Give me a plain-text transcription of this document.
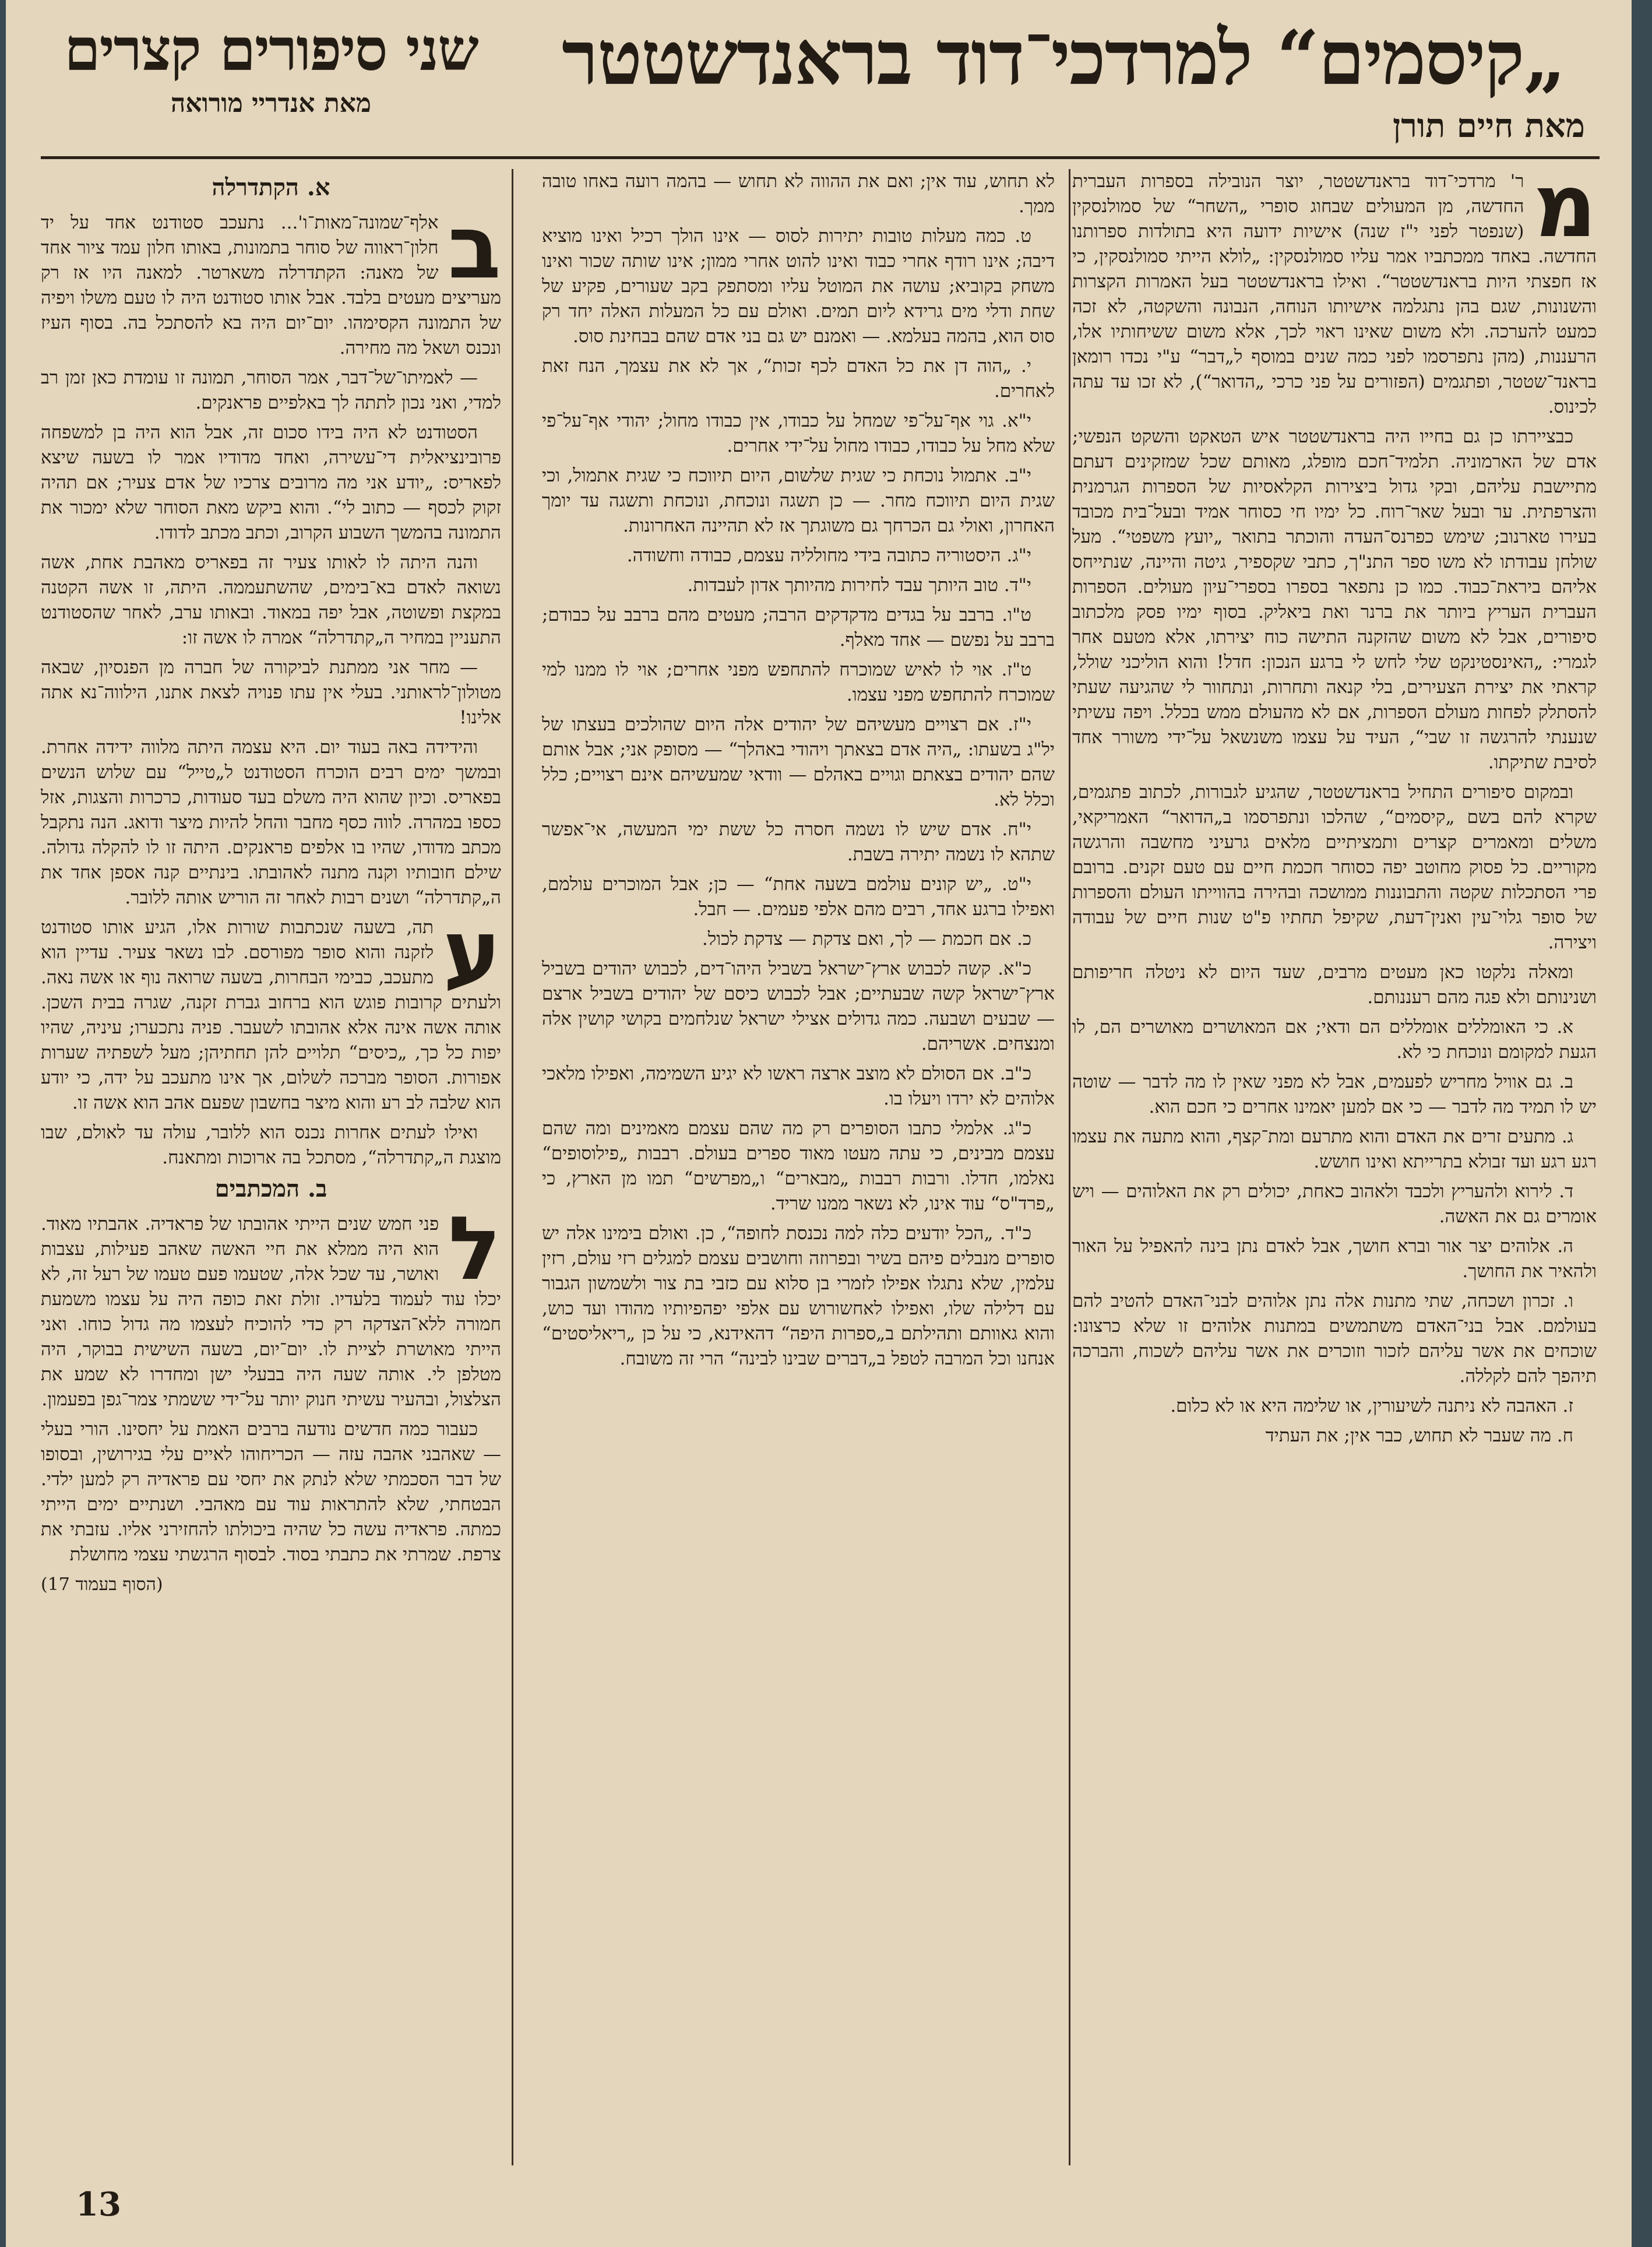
„קיסמים“ למרדכי־דוד בראנדשטטר
מאת חיים תורן
שני סיפורים קצרים
מאת אנדריי מורואה
מ

ר' מרדכי־דוד בראנדשטטר, יוצר הנובילה בספרות העברית החדשה, מן המעולים שבחוג סופרי „השחר“ של סמולנסקין (שנפטר לפני י"ז שנה) אישיות ידועה היא בתולדות ספרותנו החדשה. באחד ממכתביו אמר עליו סמולנסקין: „לולא הייתי סמולנסקין, כי אז חפצתי היות בראנדשטטר“. ואילו בראנדשטטר בעל האמרות הקצרות והשנונות, שגם בהן נתגלמה אישיותו הנוחה, הנבונה והשקטה, לא זכה כמעט להערכה. ולא משום שאינו ראוי לכך, אלא משום ששיחותיו אלו, הרעננות, (מהן נתפרסמו לפני כמה שנים במוסף ל„דבר“ ע"י נכדו רומאן בראנד־שטטר, ופתגמים (הפזורים על פני כרכי „הדואר“), לא זכו עד עתה לכינוס.

כבציירתו כן גם בחייו היה בראנדשטטר איש הטאקט והשקט הנפשי; אדם של הארמוניה. תלמיד־חכם מופלג, מאותם שכל שמזקינים דעתם מתיישבת עליהם, ובקי גדול ביצירות הקלאסיות של הספרות הגרמנית והצרפתית. ער ובעל שאר־רוח. כל ימיו חי כסוחר אמיד ובעל־בית מכובד בעירו טארנוב; שימש כפרנס־העדה והוכתר בתואר „יועץ משפטי“. מעל שולחן עבודתו לא משו ספר התנ"ך, כתבי שקספיר, גיטה והיינה, שנתייחס אליהם ביראת־כבוד. כמו כן נתפאר בספרו בספרי־עיון מעולים. הספרות העברית העריץ ביותר את ברנר ואת ביאליק. בסוף ימיו פסק מלכתוב סיפורים, אבל לא משום שהזקנה התישה כוח יצירתו, אלא מטעם אחר לגמרי: „האינסטינקט שלי לחש לי ברגע הנכון: חדל! והוא הוליכני שולל, קראתי את יצירת הצעירים, בלי קנאה ותחרות, ונתחוור לי שהגיעה שעתי להסתלק לפחות מעולם הספרות, אם לא מהעולם ממש בכלל. ויפה עשיתי שנענתי להרגשה זו שבי“, העיד על עצמו משנשאל על־ידי משורר אחד לסיבת שתיקתו.

ובמקום סיפורים התחיל בראנדשטטר, שהגיע לגבורות, לכתוב פתגמים, שקרא להם בשם „קיסמים“, שהלכו ונתפרסמו ב„הדואר“ האמריקאי, משלים ומאמרים קצרים ותמציתיים מלאים גרעיני מחשבה והרגשה מקוריים. כל פסוק מחוטב יפה כסוחר חכמת חיים עם טעם זקנים. ברובם פרי הסתכלות שקטה והתבוננות ממושכה ובהירה בהווייתו העולם והספרות של סופר גלוי־עין ואנין־דעת, שקיפל תחתיו פ"ט שנות חיים של עבודה ויצירה.

ומאלה נלקטו כאן מעטים מרבים, שעד היום לא ניטלה חריפותם ושנינותם ולא פגה מהם רעננותם.

א. כי האומללים אומללים הם ודאי; אם המאושרים מאושרים הם, לו הגעת למקומם ונוכחת כי לא.

ב. גם אוויל מחריש לפעמים, אבל לא מפני שאין לו מה לדבר — שוטה יש לו תמיד מה לדבר — כי אם למען יאמינו אחרים כי חכם הוא.

ג. מתעים זרים את האדם והוא מתרעם ומת־קצף, והוא מתעה את עצמו רגע רגע ועד זבולא בתרייתא ואינו חושש.

ד. לירוא ולהעריץ ולכבד ולאהוב כאחת, יכולים רק את האלוהים — ויש אומרים גם את האשה.

ה. אלוהים יצר אור וברא חושך, אבל לאדם נתן בינה להאפיל על האור ולהאיר את החושך.

ו. זכרון ושכחה, שתי מתנות אלה נתן אלוהים לבני־האדם להטיב להם בעולמם. אבל בני־האדם משתמשים במתנות אלוהים זו שלא כרצונו: שוכחים את אשר עליהם לזכור וזוכרים את אשר עליהם לשכוח, והברכה תיהפך להם לקללה.

ז. האהבה לא ניתנה לשיעורין, או שלימה היא או לא כלום.

ח. מה שעבר לא תחוש, כבר אין; את העתיד

לא תחוש, עוד אין; ואם את ההווה לא תחוש — בהמה רועה באחו טובה ממך.

ט. כמה מעלות טובות יתירות לסוס — אינו הולך רכיל ואינו מוציא דיבה; אינו רודף אחרי כבוד ואינו להוט אחרי ממון; אינו שותה שכור ואינו משחק בקוביא; עושה את המוטל עליו ומסתפק בקב שעורים, פקיע של שחת ודלי מים גרידא ליום תמים. ואולם עם כל המעלות האלה יחד רק סוס הוא, בהמה בעלמא. — ואמנם יש גם בני אדם שהם בבחינת סוס.

י. „הוה דן את כל האדם לכף זכות“, אך לא את עצמך, הנח זאת לאחרים.

י"א. גוי אף־על־פי שמחל על כבודו, אין כבודו מחול; יהודי אף־על־פי שלא מחל על כבודו, כבודו מחול על־ידי אחרים.

י"ב. אתמול נוכחת כי שגית שלשום, היום תיווכח כי שגית אתמול, וכי שגית היום תיווכח מחר. — כן תשגה ונוכחת, ונוכחת ותשגה עד יומך האחרון, ואולי גם הכרחך גם משוגתך אז לא תהיינה האחרונות.

י"ג. היסטוריה כתובה בידי מחולליה עצמם, כבודה וחשודה.

י"ד. טוב היותך עבד לחירות מהיותך אדון לעבדות.

ט"ו. ברבב על בגדים מדקדקים הרבה; מעטים מהם ברבב על כבודם; ברבב על נפשם — אחד מאלף.

ט"ז. אוי לו לאיש שמוכרח להתחפש מפני אחרים; אוי לו ממנו למי שמוכרח להתחפש מפני עצמו.

י"ז. אם רצויים מעשיהם של יהודים אלה היום שהולכים בעצתו של יל"ג בשעתו: „היה אדם בצאתך ויהודי באהלך“ — מסופק אני; אבל אותם שהם יהודים בצאתם וגויים באהלם — וודאי שמעשיהם אינם רצויים; כלל וכלל לא.

י"ח. אדם שיש לו נשמה חסרה כל ששת ימי המעשה, אי־אפשר שתהא לו נשמה יתירה בשבת.

י"ט. „יש קונים עולמם בשעה אחת“ — כן; אבל המוכרים עולמם, ואפילו ברגע אחד, רבים מהם אלפי פעמים. — חבל.

כ. אם חכמת — לך, ואם צדקת — צדקת לכול.

כ"א. קשה לכבוש ארץ־ישראל בשביל היהו־דים, לכבוש יהודים בשביל ארץ־ישראל קשה שבעתיים; אבל לכבוש כיסם של יהודים בשביל ארצם — שבעים ושבעה. כמה גדולים אצילי ישראל שנלחמים בקושי קושין אלה ומנצחים. אשריהם.

כ"ב. אם הסולם לא מוצב ארצה ראשו לא יגיע השמימה, ואפילו מלאכי אלוהים לא ירדו ויעלו בו.

כ"ג. אלמלי כתבו הסופרים רק מה שהם עצמם מאמינים ומה שהם עצמם מבינים, כי עתה מעטו מאוד ספרים בעולם. רבבות „פילוסופים“ נאלמו, חדלו. ורבות רבבות „מבארים“ ו„מפרשים“ תמו מן הארץ, כי „פרד"ס“ עוד אינו, לא נשאר ממנו שריד.

כ"ד. „הכל יודעים כלה למה נכנסת לחופה“, כן. ואולם בימינו אלה יש סופרים מנבלים פיהם בשיר ובפרוזה וחושבים עצמם למגלים רזי עולם, רזין עלמין, שלא נתגלו אפילו לזמרי בן סלוא עם כזבי בת צור ולשמשון הגבור עם דלילה שלו, ואפילו לאחשורוש עם אלפי יפהפיותיו מהודו ועד כוש, והוא גאוותם ותהילתם ב„ספרות היפה“ דהאידנא, כי על כן „ריאליסטים“ אנחנו וכל המרבה לטפל ב„דברים שבינו לבינה“ הרי זה משובח.

א. הקתדרלה
ב

אלף־שמונה־מאות־ו'... נתעכב סטודנט אחד על יד חלון־ראווה של סוחר בתמונות, באותו חלון עמד ציור אחד של מאנה: הקתדרלה משארטר. למאנה היו אז רק מעריצים מעטים בלבד. אבל אותו סטודנט היה לו טעם משלו ויפיה של התמונה הקסימהו. יום־יום היה בא להסתכל בה. בסוף העיז ונכנס ושאל מה מחירה.

— לאמיתו־של־דבר, אמר הסוחר, תמונה זו עומדת כאן זמן רב למדי, ואני נכון לתתה לך באלפיים פראנקים.

הסטודנט לא היה בידו סכום זה, אבל הוא היה בן למשפחה פרובינציאלית די־עשירה, ואחד מדודיו אמר לו בשעה שיצא לפאריס: „יודע אני מה מרובים צרכיו של אדם צעיר; אם תהיה זקוק לכסף — כתוב לי“. והוא ביקש מאת הסוחר שלא ימכור את התמונה בהמשך השבוע הקרוב, וכתב מכתב לדודו.

והנה היתה לו לאותו צעיר זה בפאריס מאהבת אחת, אשה נשואה לאדם בא־בימים, שהשתעממה. היתה, זו אשה הקטנה במקצת ופשוטה, אבל יפה במאוד. ובאותו ערב, לאחר שהסטודנט התעניין במחיר ה„קתדרלה“ אמרה לו אשה זו:

— מחר אני ממתנת לביקורה של חברה מן הפנסיון, שבאה מטולון־לראותני. בעלי אין עתו פנויה לצאת אתנו, הילווה־נא אתה אלינו!

והידידה באה בעוד יום. היא עצמה היתה מלווה ידידה אחרת. ובמשך ימים רבים הוכרח הסטודנט ל„טייל“ עם שלוש הנשים בפאריס. וכיון שהוא היה משלם בעד סעודות, כרכרות והצגות, אזל כספו במהרה. לווה כסף מחבר והחל להיות מיצר ודואג. הנה נתקבל מכתב מדודו, שהיו בו אלפים פראנקים. היתה זו לו להקלה גדולה. שילם חובותיו וקנה מתנה לאהובתו. בינתיים קנה אספן אחד את ה„קתדרלה“ ושנים רבות לאחר זה הוריש אותה ללובר.

ע

תה, בשעה שנכתבות שורות אלו, הגיע אותו סטודנט לזקנה והוא סופר מפורסם. לבו נשאר צעיר. עדיין הוא מתעכב, כבימי הבחרות, בשעה שרואה נוף או אשה נאה. ולעתים קרובות פוגש הוא ברחוב גברת זקנה, שגרה בבית השכן. אותה אשה אינה אלא אהובתו לשעבר. פניה נתכערו; עיניה, שהיו יפות כל כך, „כיסים“ תלויים להן תחתיהן; מעל לשפתיה שערות אפורות. הסופר מברכה לשלום, אך אינו מתעכב על ידה, כי יודע הוא שלבה לב רע והוא מיצר בחשבון שפעם אהב הוא אשה זו.

ואילו לעתים אחרות נכנס הוא ללובר, עולה עד לאולם, שבו מוצגת ה„קתדרלה“, מסתכל בה ארוכות ומתאנח.

ב. המכתבים
ל

פני חמש שנים הייתי אהובתו של פראדיה. אהבתיו מאוד. הוא היה ממלא את חיי האשה שאהב פעילות, עצבות ואושר, עד שכל אלה, שטעמו פעם טעמו של רעל זה, לא יכלו עוד לעמוד בלעדיו. זולת זאת כופה היה על עצמו משמעת חמורה ללא־הצדקה רק כדי להוכיח לעצמו מה גדול כוחו. ואני הייתי מאושרת לציית לו. יום־יום, בשעה השישית בבוקר, היה מטלפן לי. אותה שעה היה בבעלי ישן ומחדרו לא שמע את הצלצול, ובהעיר עשיתי חנוק יותר על־ידי ששמתי צמר־גפן בפעמון.

כעבור כמה חדשים נודעה ברבים האמת על יחסינו. הורי בעלי — שאהבני אהבה עזה — הכריחוהו לאיים עלי בגירושין, ובסופו של דבר הסכמתי שלא לנתק את יחסי עם פראדיה רק למען ילדי. הבטחתי, שלא להתראות עוד עם מאהבי. ושנתיים ימים הייתי כמתה. פראדיה עשה כל שהיה ביכולתו להחזירני אליו. עזבתי את צרפת. שמרתי את כתבתי בסוד. לבסוף הרגשתי עצמי מחושלת

(הסוף בעמוד 17)
13
